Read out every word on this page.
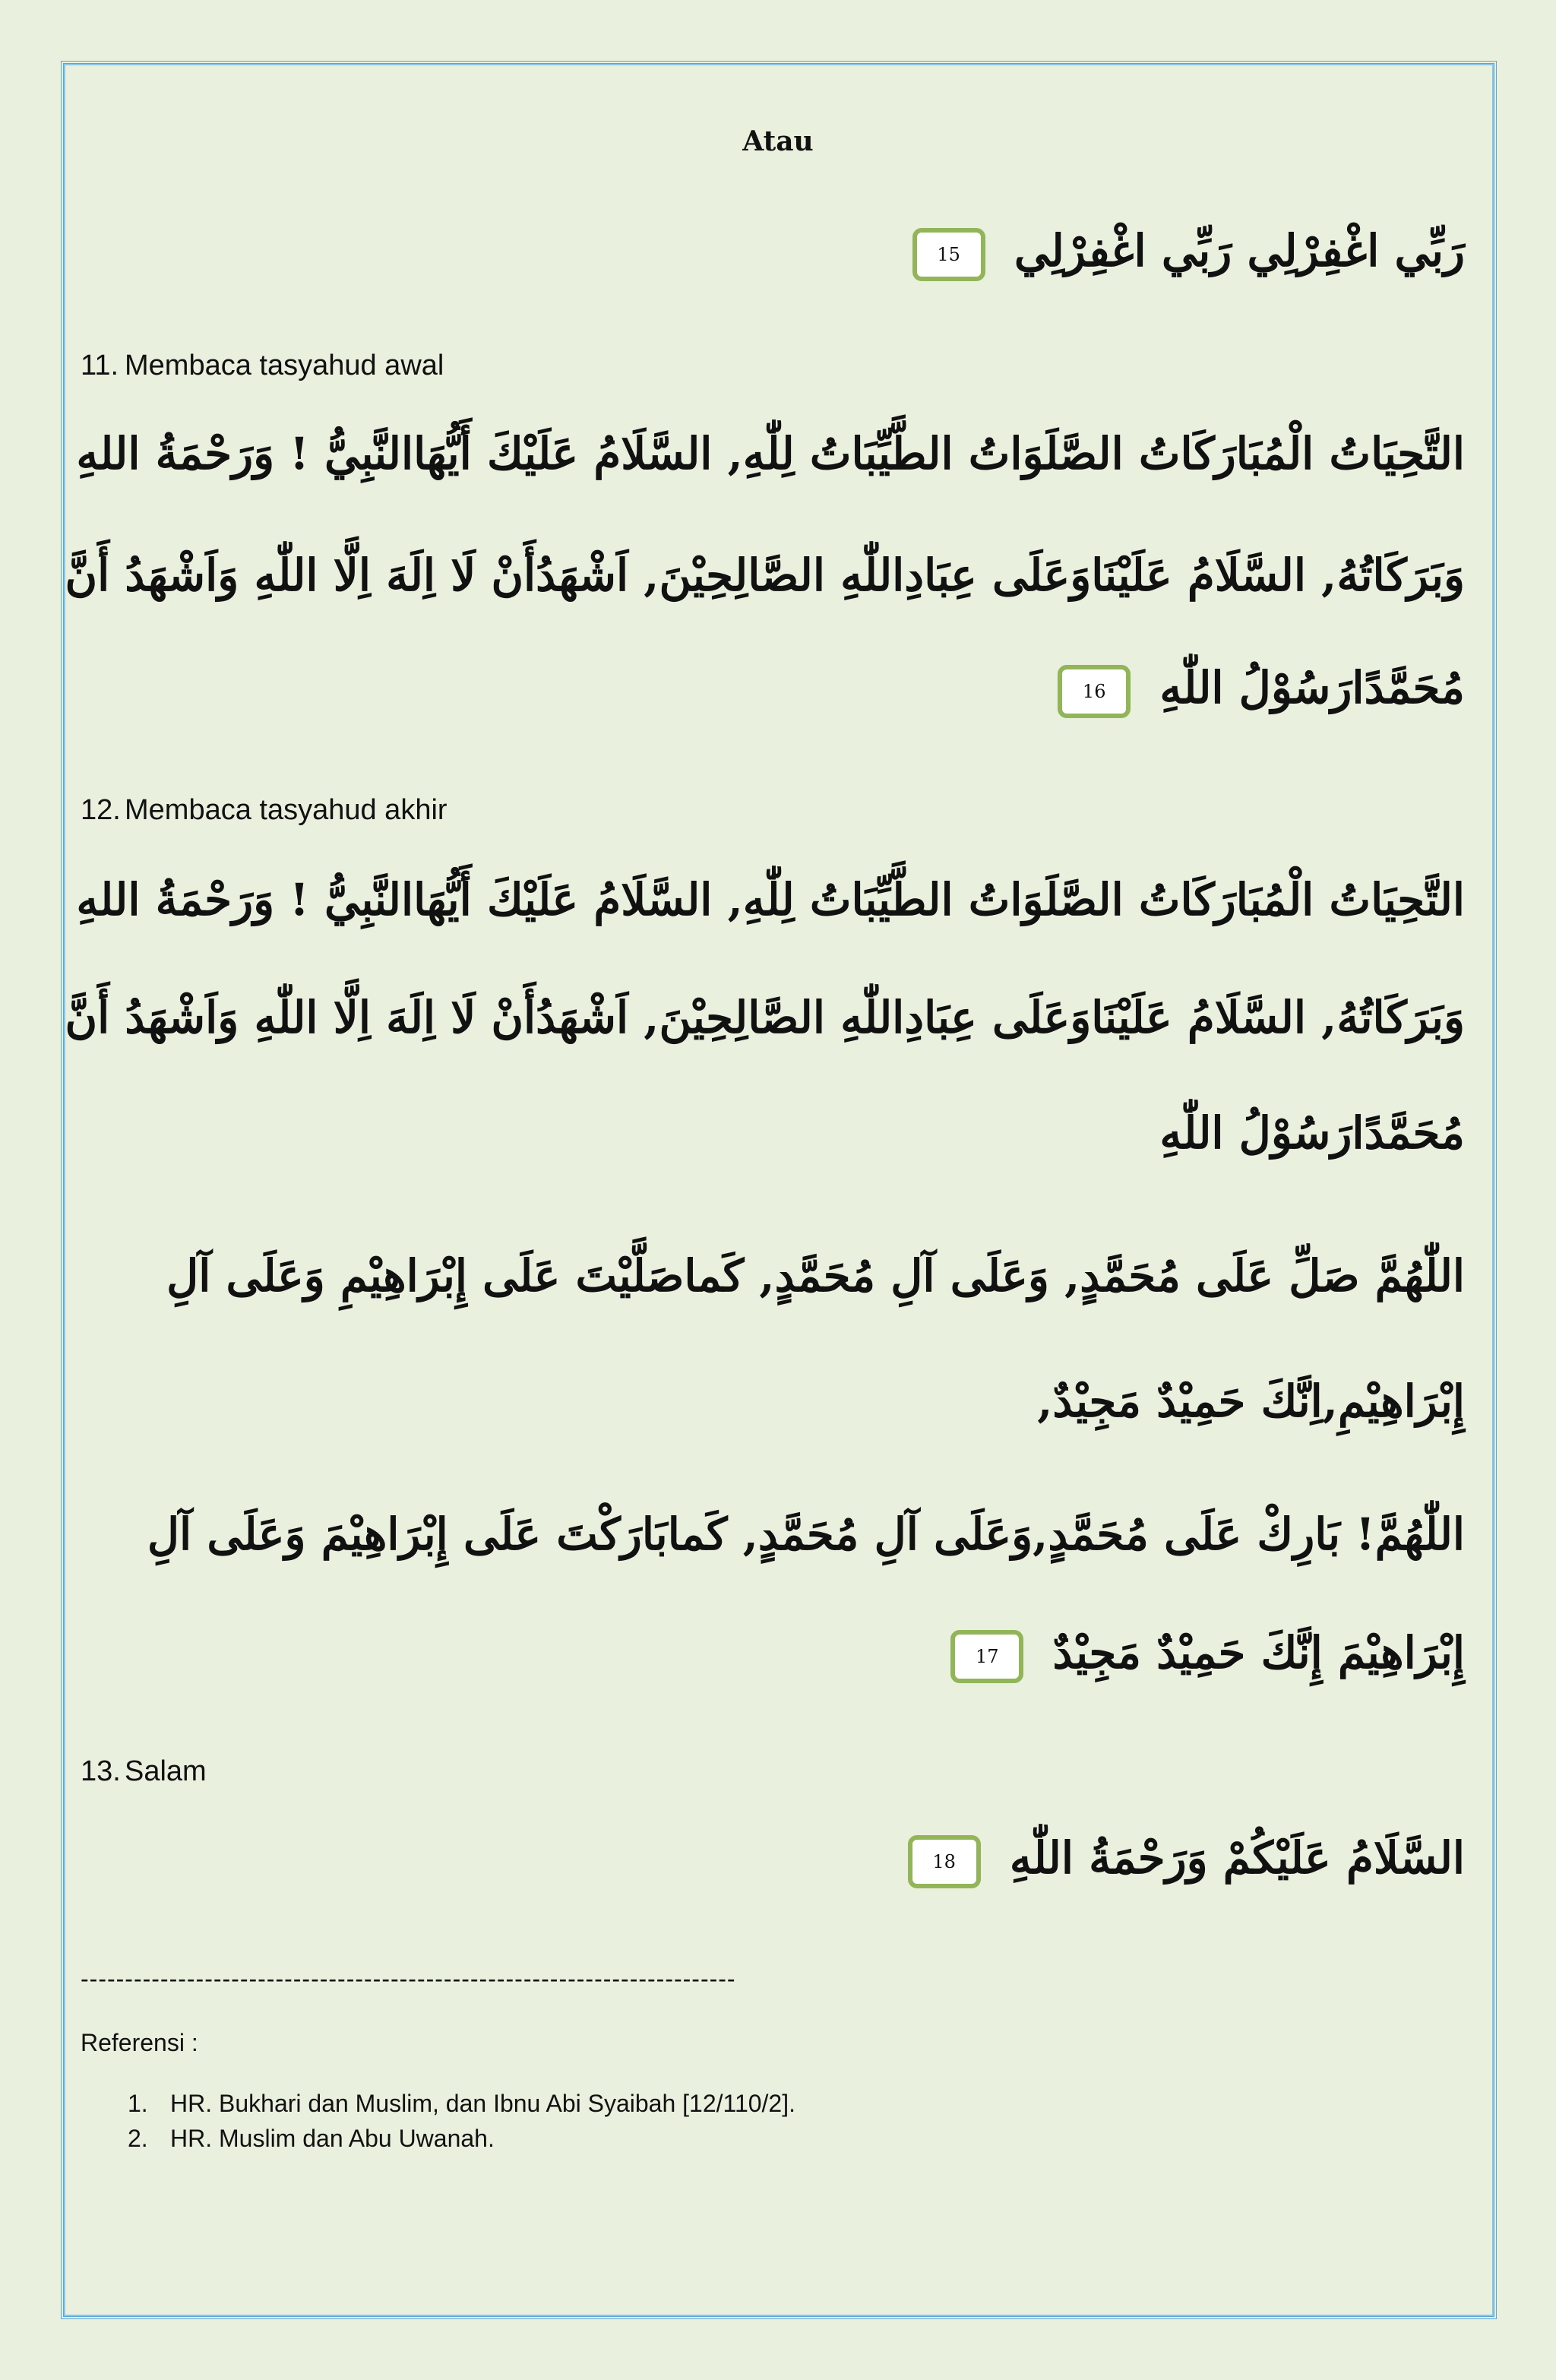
Atau
رَبِّي اغْفِرْلِي رَبِّي اغْفِرْلِي 15
11. Membaca tasyahud awal
التَّحِيَاتُ الْمُبَارَكَاتُ الصَّلَوَاتُ الطَّيِّبَاتُ لِلّٰهِ, السَّلَامُ عَلَيْكَ أَيُّهَاالنَّبِيُّ ! وَرَحْمَةُ اللهِ
وَبَرَكَاتُهُ, السَّلَامُ عَلَيْنَاوَعَلَى عِبَادِاللّٰهِ الصَّالِحِيْنَ, اَشْهَدُأَنْ لَا اِلَهَ اِلَّا اللّٰهِ وَاَشْهَدُ أَنَّ
مُحَمَّدًارَسُوْلُ اللّٰهِ 16
12. Membaca tasyahud akhir
التَّحِيَاتُ الْمُبَارَكَاتُ الصَّلَوَاتُ الطَّيِّبَاتُ لِلّٰهِ, السَّلَامُ عَلَيْكَ أَيُّهَاالنَّبِيُّ ! وَرَحْمَةُ اللهِ
وَبَرَكَاتُهُ, السَّلَامُ عَلَيْنَاوَعَلَى عِبَادِاللّٰهِ الصَّالِحِيْنَ, اَشْهَدُأَنْ لَا اِلَهَ اِلَّا اللّٰهِ وَاَشْهَدُ أَنَّ
مُحَمَّدًارَسُوْلُ اللّٰهِ
اللّٰهُمَّ صَلِّ عَلَى مُحَمَّدٍ, وَعَلَى آلِ مُحَمَّدٍ, كَماصَلَّيْتَ عَلَى إِبْرَاهِيْمِ وَعَلَى آلِ
إِبْرَاهِيْمِ,اِنَّكَ حَمِيْدٌ مَجِيْدٌ,
اللّٰهُمَّ! بَارِكْ عَلَى مُحَمَّدٍ,وَعَلَى آلِ مُحَمَّدٍ, كَمابَارَكْتَ عَلَى إِبْرَاهِيْمَ وَعَلَى آلِ
إِبْرَاهِيْمَ إِنَّكَ حَمِيْدٌ مَجِيْدٌ 17
13. Salam
السَّلَامُ عَلَيْكُمْ وَرَحْمَةُ اللّٰهِ 18
--------------------------------------------------------------------------
Referensi :
1. HR. Bukhari dan Muslim, dan Ibnu Abi Syaibah [12/110/2].
2. HR. Muslim dan Abu Uwanah.
